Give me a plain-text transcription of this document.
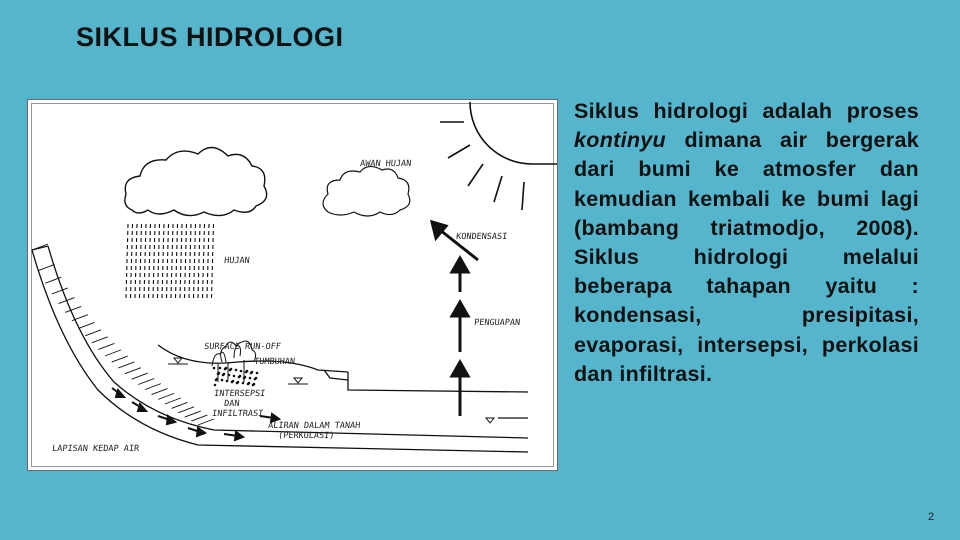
SIKLUS HIDROLOGI
AWAN HUJAN
HUJAN
KONDENSASI
PENGUAPAN
SURFACE RUN-OFF
TUMBUHAN
INTERSEPSI
DAN
INFILTRASI
ALIRAN DALAM TANAH
(PERKOLASI)
LAPISAN KEDAP AIR
Siklus hidrologi adalah proses kontinyu dimana air bergerak dari bumi ke atmosfer dan kemudian kembali ke bumi lagi (bambang triatmodjo, 2008). Siklus hidrologi melalui beberapa tahapan yaitu : kondensasi, presipitasi, evaporasi, intersepsi, perkolasi dan infiltrasi.
2
